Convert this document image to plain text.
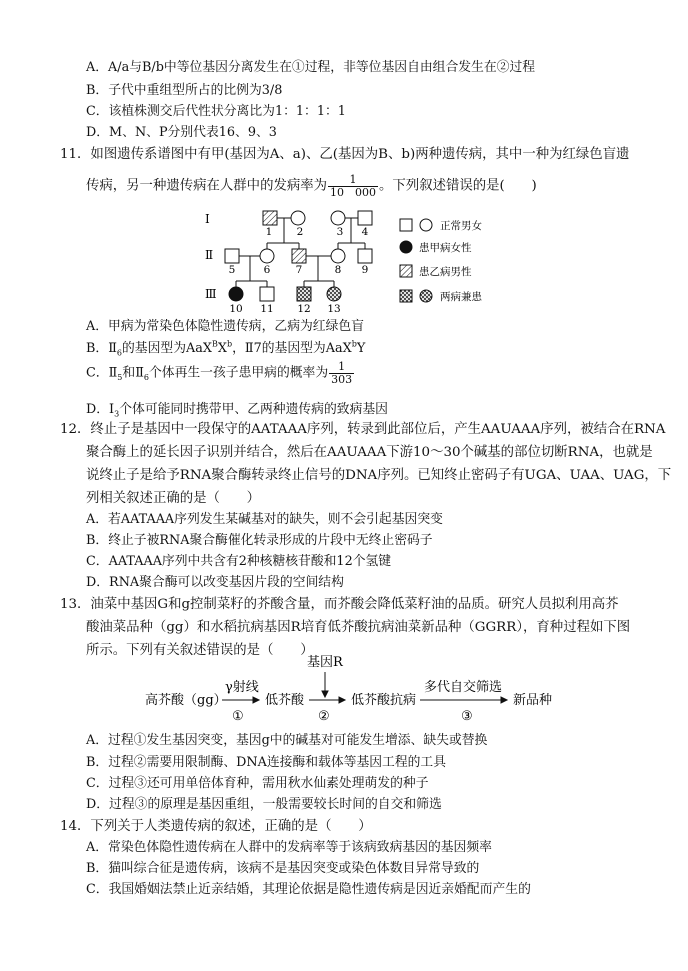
A．A/a与B/b中等位基因分离发生在①过程，非等位基因自由组合发生在②过程
B．子代中重组型所占的比例为3/8
C．该植株测交后代性状分离比为1：1：1：1
D．M、N、P分别代表16、9、3
11．如图遗传系谱图中有甲(基因为A、a)、乙(基因为B、b)两种遗传病，其中一种为红绿色盲遗
传病，另一种遗传病在人群中的发病率为 $\frac{1}{10 000}$ 。下列叙述错误的是(　　)
Ⅰ
Ⅱ
Ⅲ
1 2	3 4
5	6 7	8 9
10 11 12 13
正常男女
患甲病女性
患乙病男性
两病兼患
A．甲病为常染色体隐性遗传病，乙病为红绿色盲
B．$Ⅱ_6$的基因型为$AaX^BX^b$，Ⅱ7的基因型为AaX$^b$Y
C．$Ⅱ_5$和$Ⅱ_6$个体再生一孩子患甲病的概率为 $\frac{1}{303}$
D．$Ⅰ_3$个体可能同时携带甲、乙两种遗传病的致病基因
12．终止子是基因中一段保守的AATAAA序列，转录到此部位后，产生AAUAAA序列，被结合在RNA
聚合酶上的延长因子识别并结合，然后在AAUAAA下游10～30个碱基的部位切断RNA，也就是
说终止子是给予RNA聚合酶转录终止信号的DNA序列。已知终止密码子有UGA、UAA、UAG，下
列相关叙述正确的是（　　）
A．若AATAAA序列发生某碱基对的缺失，则不会引起基因突变
B．终止子被RNA聚合酶催化转录形成的片段中无终止密码子
C．AATAAA序列中共含有2种核糖核苷酸和12个氢键
D．RNA聚合酶可以改变基因片段的空间结构
13．油菜中基因G和g控制菜籽的芥酸含量，而芥酸会降低菜籽油的品质。研究人员拟利用高芥
酸油菜品种（gg）和水稻抗病基因R培育低芥酸抗病油菜新品种（GGRR），育种过程如下图
所示。下列有关叙述错误的是（　　）
基因R
高芥酸（gg）
γ射线
①
低芥酸
②
低芥酸抗病
多代自交筛选
③
新品种
A．过程①发生基因突变，基因g中的碱基对可能发生增添、缺失或替换
B．过程②需要用限制酶、DNA连接酶和载体等基因工程的工具
C．过程③还可用单倍体育种，需用秋水仙素处理萌发的种子
D．过程③的原理是基因重组，一般需要较长时间的自交和筛选
14．下列关于人类遗传病的叙述，正确的是（　　）
A．常染色体隐性遗传病在人群中的发病率等于该病致病基因的基因频率
B．猫叫综合征是遗传病，该病不是基因突变或染色体数目异常导致的
C．我国婚姻法禁止近亲结婚，其理论依据是隐性遗传病是因近亲婚配而产生的
